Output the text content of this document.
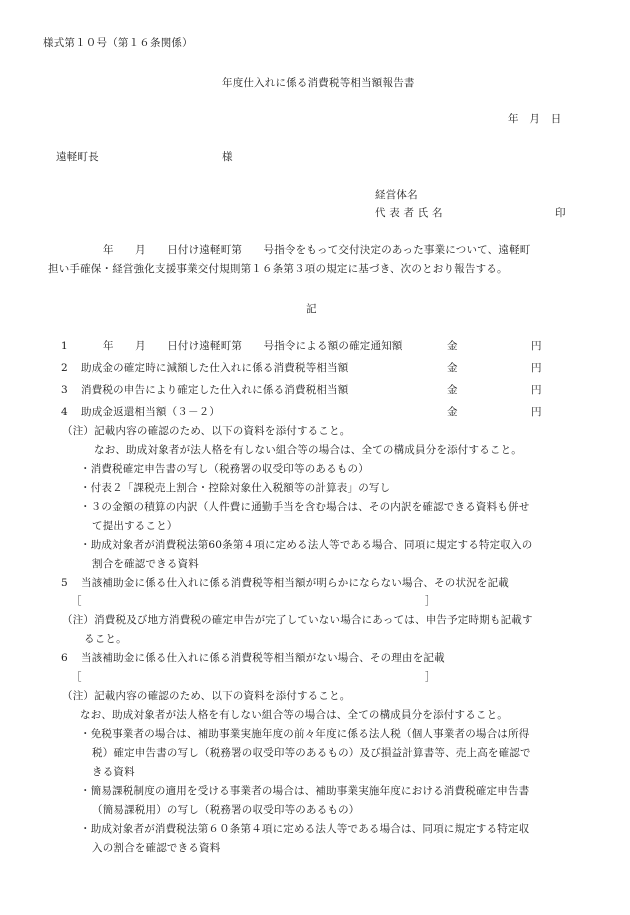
様式第１０号（第１６条関係）
年度仕入れに係る消費税等相当額報告書
年　月　日
遠軽町長	様
経営体名
代 表 者 氏 名	印
年　　月　　日付け遠軽町第　　号指令をもって交付決定のあった事業について、遠軽町
担い手確保・経営強化支援事業交付規則第１６条第３項の規定に基づき、次のとおり報告する。
記
1	年　　月　　日付け遠軽町第　　号指令による額の確定通知額	金	円
2 助成金の確定時に減額した仕入れに係る消費税等相当額	金	円
3 消費税の申告により確定した仕入れに係る消費税相当額	金	円
4 助成金返還相当額（３－２）	金	円
（注）記載内容の確認のため、以下の資料を添付すること。
なお、助成対象者が法人格を有しない組合等の場合は、全ての構成員分を添付すること。
・消費税確定申告書の写し（税務署の収受印等のあるもの）
・付表２「課税売上割合・控除対象仕入税額等の計算表」の写し
・３の金額の積算の内訳（人件費に通勤手当を含む場合は、その内訳を確認できる資料も併せ
て提出すること）
・助成対象者が消費税法第60条第４項に定める法人等である場合、同項に規定する特定収入の
割合を確認できる資料
5 当該補助金に係る仕入れに係る消費税等相当額が明らかにならない場合、その状況を記載
［	］
（注）消費税及び地方消費税の確定申告が完了していない場合にあっては、申告予定時期も記載す
ること。
6 当該補助金に係る仕入れに係る消費税等相当額がない場合、その理由を記載
［	］
（注）記載内容の確認のため、以下の資料を添付すること。
なお、助成対象者が法人格を有しない組合等の場合は、全ての構成員分を添付すること。
・免税事業者の場合は、補助事業実施年度の前々年度に係る法人税（個人事業者の場合は所得
税）確定申告書の写し（税務署の収受印等のあるもの）及び損益計算書等、売上高を確認で
きる資料
・簡易課税制度の適用を受ける事業者の場合は、補助事業実施年度における消費税確定申告書
（簡易課税用）の写し（税務署の収受印等のあるもの）
・助成対象者が消費税法第６０条第４項に定める法人等である場合は、同項に規定する特定収
入の割合を確認できる資料
